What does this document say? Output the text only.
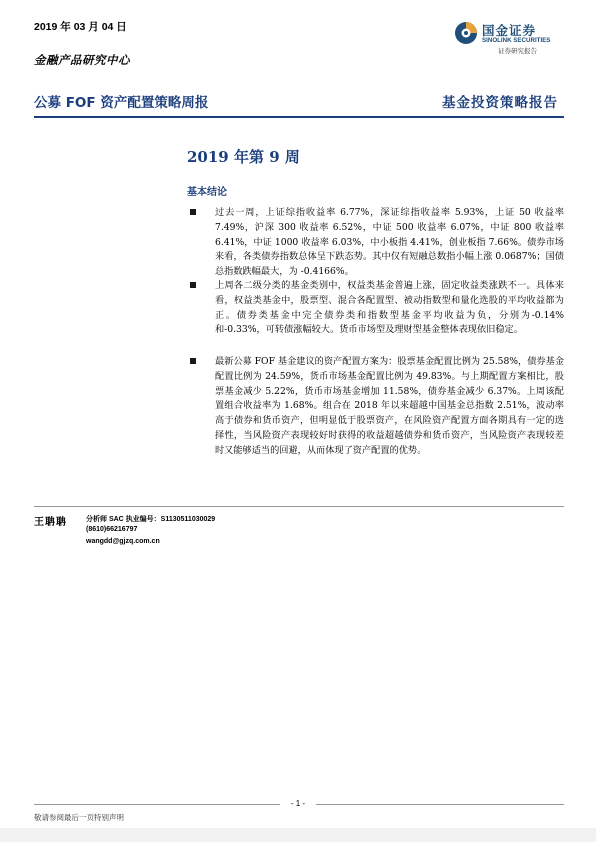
2019 年 03 月 04 日
金融产品研究中心
国金证券
SINOLINK SECURITIES
证券研究报告
公募 FOF 资产配置策略周报	基金投资策略报告
2019 年第 9 周
基本结论

过去一周，上证综指收益率 6.77%，深证综指收益率 5.93%，上证 50 收益率 7.49%，沪深 300 收益率 6.52%，中证 500 收益率 6.07%，中证 800 收益率 6.41%，中证 1000 收益率 6.03%，中小板指 4.41%，创业板指 7.66%。债券市场来看，各类债券指数总体呈下跌态势。其中仅有短融总数指小幅上涨 0.0687%；国债总指数跌幅最大，为 -0.4166%。

上周各二级分类的基金类别中，权益类基金普遍上涨，固定收益类涨跌不一。具体来看，权益类基金中，股票型、混合各配置型、被动指数型和量化选股的平均收益都为正。债券类基金中完全债券类和指数型基金平均收益为负，分别为-0.14%和-0.33%，可转债涨幅较大。货币市场型及理财型基金整体表现依旧稳定。

最新公募 FOF 基金建议的资产配置方案为：股票基金配置比例为 25.58%，债券基金配置比例为 24.59%，货币市场基金配置比例为 49.83%。与上期配置方案相比，股票基金减少 5.22%，货币市场基金增加 11.58%，债券基金减少 6.37%。上周该配置组合收益率为 1.68%。组合在 2018 年以来超越中国基金总指数 2.51%，波动率高于债券和货币资产，但明显低于股票资产，在风险资产配置方面各期具有一定的选择性，当风险资产表现较好时获得的收益超越债券和货币资产，当风险资产表现较差时又能够适当的回避，从而体现了资产配置的优势。

王聃聃	分析师 SAC 执业编号：S1130511030029
(8610)66216797
wangdd@gjzq.com.cn
- 1 -
敬请参阅最后一页特别声明
